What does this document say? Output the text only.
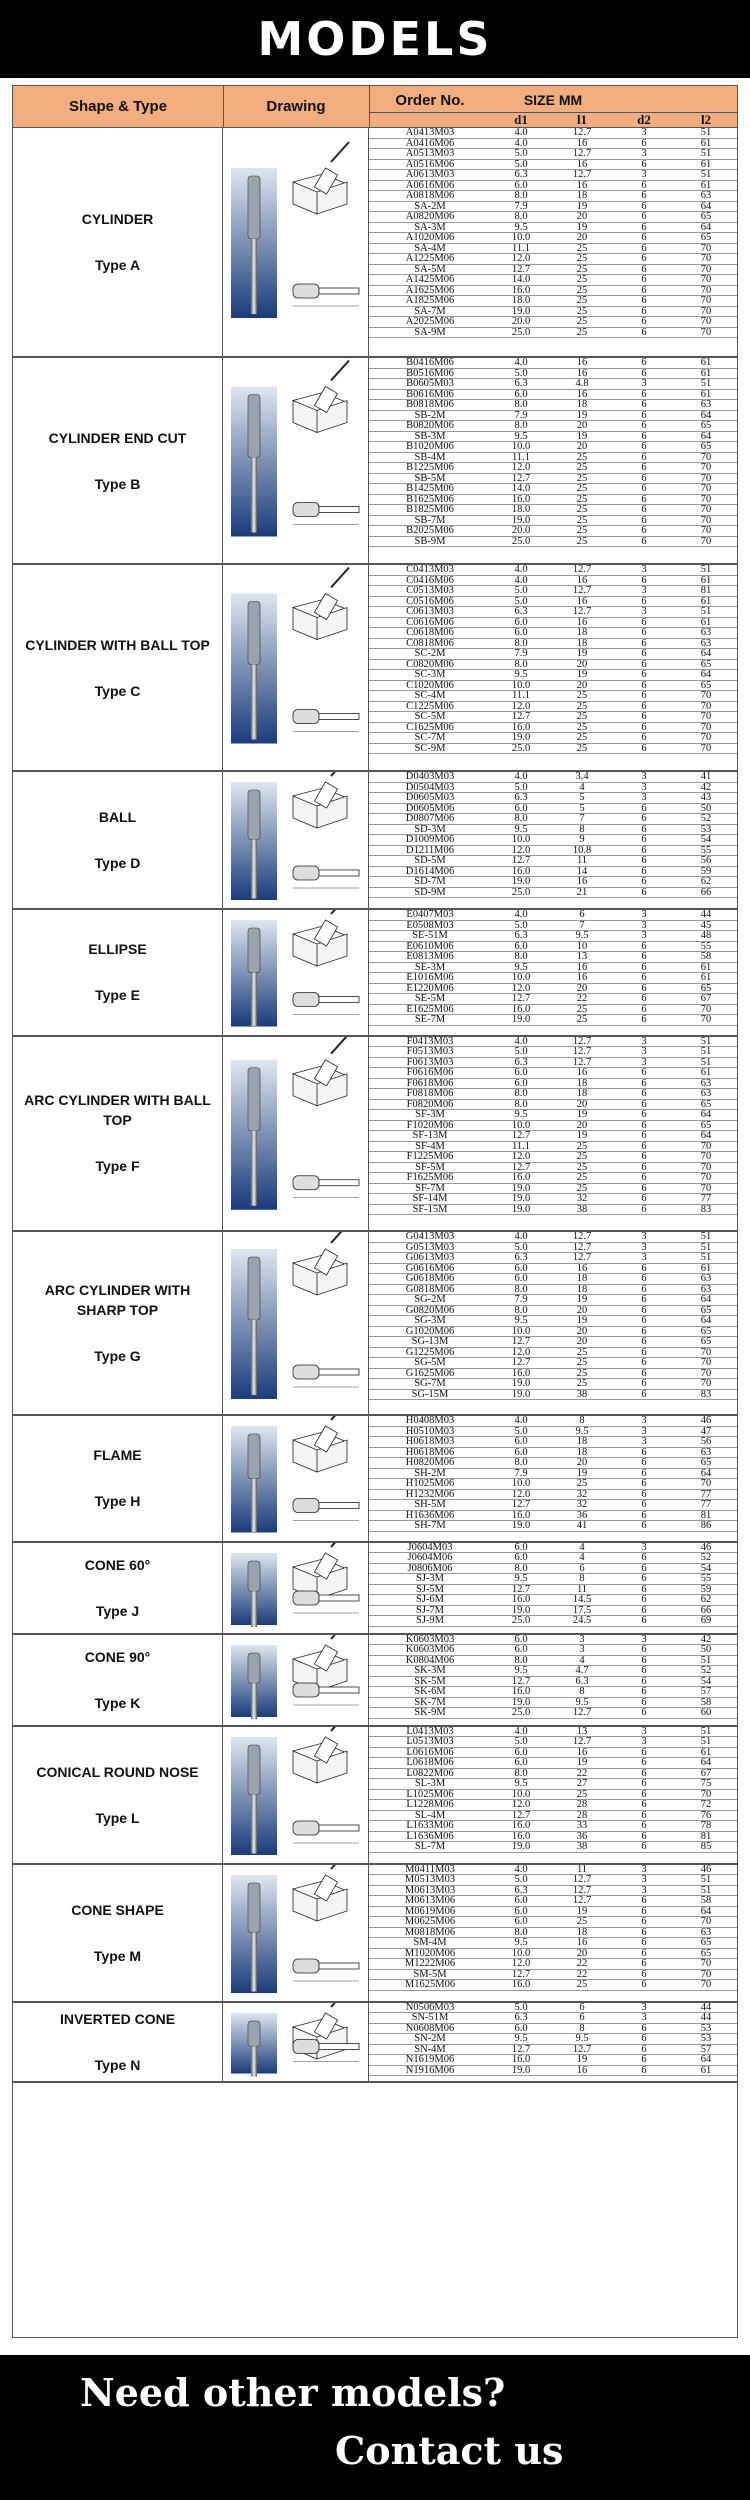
MODELS
Shape & Type	Drawing	Order No.	SIZE MM
d1	l1	d2	l2
CYLINDER
Type A
A0413M03	4.0	12.7	3	51
A0416M06	4.0	16	6	61
A0513M03	5.0	12.7	3	51
A0516M06	5.0	16	6	61
A0613M03	6.3	12.7	3	51
A0616M06	6.0	16	6	61
A0818M06	8.0	18	6	63
SA-2M	7.9	19	6	64
A0820M06	8.0	20	6	65
SA-3M	9.5	19	6	64
A1020M06	10.0	20	6	65
SA-4M	11.1	25	6	70
A1225M06	12.0	25	6	70
SA-5M	12.7	25	6	70
A1425M06	14.0	25	6	70
A1625M06	16.0	25	6	70
A1825M06	18.0	25	6	70
SA-7M	19.0	25	6	70
A2025M06	20.0	25	6	70
SA-9M	25.0	25	6	70
CYLINDER END CUT
Type B
B0416M06	4.0	16	6	61
B0516M06	5.0	16	6	61
B0605M03	6.3	4.8	3	51
B0616M06	6.0	16	6	61
B0818M06	8.0	18	6	63
SB-2M	7.9	19	6	64
B0820M06	8.0	20	6	65
SB-3M	9.5	19	6	64
B1020M06	10.0	20	6	65
SB-4M	11.1	25	6	70
B1225M06	12.0	25	6	70
SB-5M	12.7	25	6	70
B1425M06	14.0	25	6	70
B1625M06	16.0	25	6	70
B1825M06	18.0	25	6	70
SB-7M	19.0	25	6	70
B2025M06	20.0	25	6	70
SB-9M	25.0	25	6	70
CYLINDER WITH BALL TOP
Type C
C0413M03	4.0	12.7	3	51
C0416M06	4.0	16	6	61
C0513M03	5.0	12.7	3	81
C0516M06	5.0	16	6	61
C0613M03	6.3	12.7	3	51
C0616M06	6.0	16	6	61
C0618M06	6.0	18	6	63
C0818M06	8.0	18	6	63
SC-2M	7.9	19	6	64
C0820M06	8.0	20	6	65
SC-3M	9.5	19	6	64
C1020M06	10.0	20	6	65
SC-4M	11.1	25	6	70
C1225M06	12.0	25	6	70
SC-5M	12.7	25	6	70
C1625M06	16.0	25	6	70
SC-7M	19.0	25	6	70
SC-9M	25.0	25	6	70
BALL
Type D
D0403M03	4.0	3.4	3	41
D0504M03	5.0	4	3	42
D0605M03	6.3	5	3	43
D0605M06	6.0	5	6	50
D0807M06	8.0	7	6	52
SD-3M	9.5	8	6	53
D1009M06	10.0	9	6	54
D1211M06	12.0	10.8	6	55
SD-5M	12.7	11	6	56
D1614M06	16.0	14	6	59
SD-7M	19.0	16	6	62
SD-9M	25.0	21	6	66
ELLIPSE
Type E
E0407M03	4.0	6	3	44
E0508M03	5.0	7	3	45
SE-51M	6.3	9.5	3	48
E0610M06	6.0	10	6	55
E0813M06	8.0	13	6	58
SE-3M	9.5	16	6	61
E1016M06	10.0	16	6	61
E1220M06	12.0	20	6	65
SE-5M	12.7	22	6	67
E1625M06	16.0	25	6	70
SE-7M	19.0	25	6	70
ARC CYLINDER WITH BALL TOP
Type F
F0413M03	4.0	12.7	3	51
F0513M03	5.0	12.7	3	51
F0613M03	6.3	12.7	3	51
F0616M06	6.0	16	6	61
F0618M06	6.0	18	6	63
F0818M06	8.0	18	6	63
F0820M06	8.0	20	6	65
SF-3M	9.5	19	6	64
F1020M06	10.0	20	6	65
SF-13M	12.7	19	6	64
SF-4M	11.1	25	6	70
F1225M06	12.0	25	6	70
SF-5M	12.7	25	6	70
F1625M06	16.0	25	6	70
SF-7M	19.0	25	6	70
SF-14M	19.0	32	6	77
SF-15M	19.0	38	6	83
ARC CYLINDER WITH SHARP TOP
Type G
G0413M03	4.0	12.7	3	51
G0513M03	5.0	12.7	3	51
G0613M03	6.3	12.7	3	51
G0616M06	6.0	16	6	61
G0618M06	6.0	18	6	63
G0818M06	8.0	18	6	63
SG-2M	7.9	19	6	64
G0820M06	8.0	20	6	65
SG-3M	9.5	19	6	64
G1020M06	10.0	20	6	65
SG-13M	12.7	20	6	65
G1225M06	12.0	25	6	70
SG-5M	12.7	25	6	70
G1625M06	16.0	25	6	70
SG-7M	19.0	25	6	70
SG-15M	19.0	38	6	83
FLAME
Type H
H0408M03	4.0	8	3	46
H0510M03	5.0	9.5	3	47
H0618M03	6.0	18	3	56
H0618M06	6.0	18	6	63
H0820M06	8.0	20	6	65
SH-2M	7.9	19	6	64
H1025M06	10.0	25	6	70
H1232M06	12.0	32	6	77
SH-5M	12.7	32	6	77
H1636M06	16.0	36	6	81
SH-7M	19.0	41	6	86
CONE 60°
Type J
J0604M03	6.0	4	3	46
J0604M06	6.0	4	6	52
J0806M06	8.0	6	6	54
SJ-3M	9.5	8	6	55
SJ-5M	12.7	11	6	59
SJ-6M	16.0	14.5	6	62
SJ-7M	19.0	17.5	6	66
SJ-9M	25.0	24.5	6	69
CONE 90°
Type K
K0603M03	6.0	3	3	42
K0603M06	6.0	3	6	50
K0804M06	8.0	4	6	51
SK-3M	9.5	4.7	6	52
SK-5M	12.7	6.3	6	54
SK-6M	16.0	8	6	57
SK-7M	19.0	9.5	6	58
SK-9M	25.0	12.7	6	60
CONICAL ROUND NOSE
Type L
L0413M03	4.0	13	3	51
L0513M03	5.0	12.7	3	51
L0616M06	6.0	16	6	61
L0618M06	6.0	19	6	64
L0822M06	8.0	22	6	67
SL-3M	9.5	27	6	75
L1025M06	10.0	25	6	70
L1228M06	12.0	28	6	72
SL-4M	12.7	28	6	76
L1633M06	16.0	33	6	78
L1636M06	16.0	36	6	81
SL-7M	19.0	38	6	85
CONE SHAPE
Type M
M0411M03	4.0	11	3	46
M0513M03	5.0	12.7	3	51
M0613M03	6.3	12.7	3	51
M0613M06	6.0	12.7	6	58
M0619M06	6.0	19	6	64
M0625M06	6.0	25	6	70
M0818M06	8.0	18	6	63
SM-4M	9.5	16	6	65
M1020M06	10.0	20	6	65
M1222M06	12.0	22	6	70
SM-5M	12.7	22	6	70
M1625M06	16.0	25	6	70
INVERTED CONE
Type N
N0506M03	5.0	6	3	44
SN-51M	6.3	6	3	44
N0608M06	6.0	8	6	53
SN-2M	9.5	9.5	6	53
SN-4M	12.7	12.7	6	57
N1619M06	16.0	19	6	64
N1916M06	19.0	16	6	61
Need other models?
Contact us
